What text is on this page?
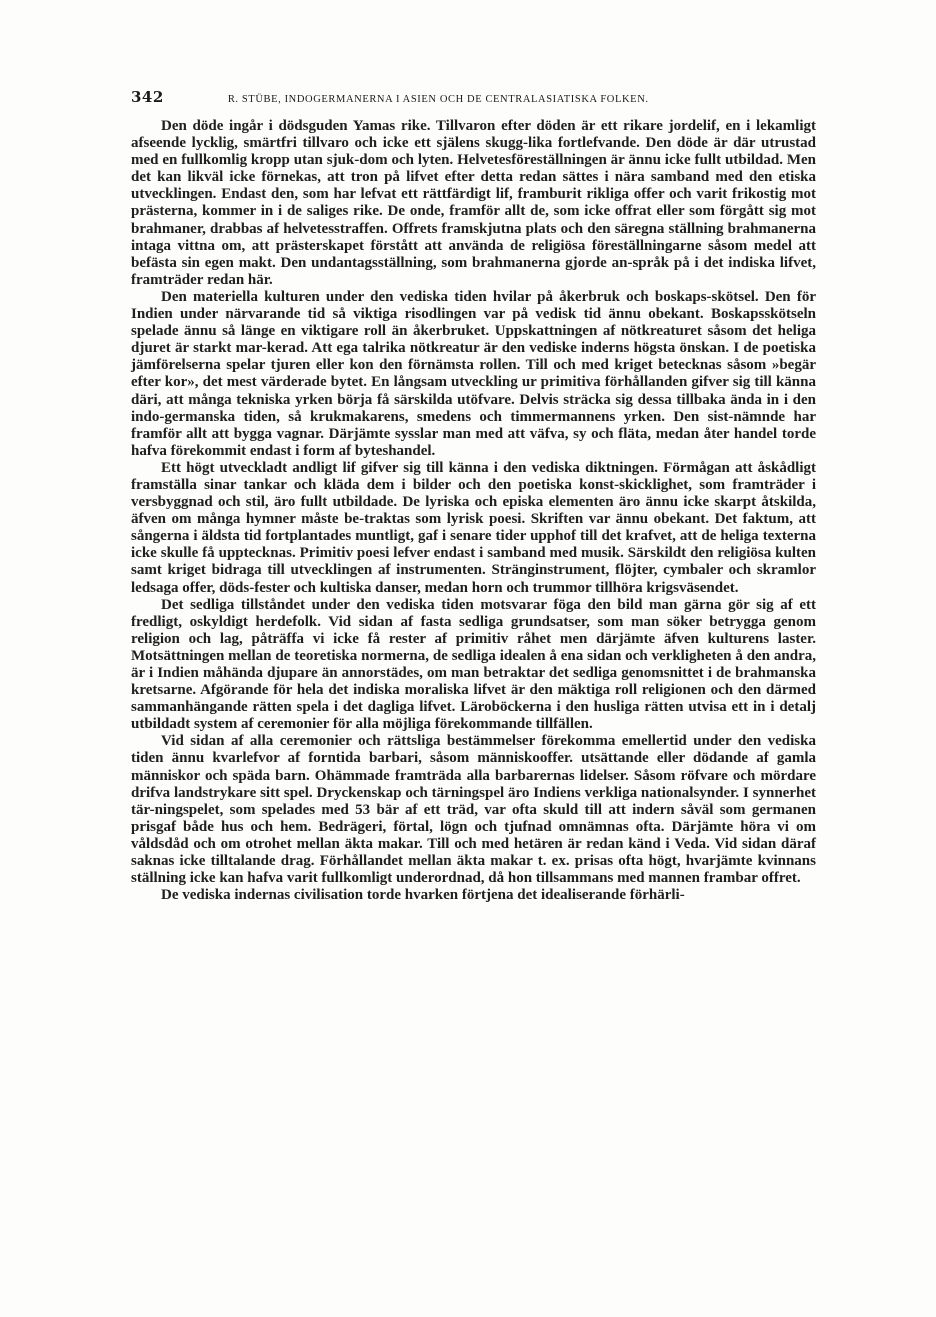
342	R. STÜBE, INDOGERMANERNA I ASIEN OCH DE CENTRALASIATISKA FOLKEN.

Den döde ingår i dödsguden Yamas rike. Tillvaron efter döden är ett rikare jordelif, en i lekamligt afseende lycklig, smärtfri tillvaro och icke ett själens skugg-lika fortlefvande. Den döde är där utrustad med en fullkomlig kropp utan sjuk-dom och lyten. Helvetesföreställningen är ännu icke fullt utbildad. Men det kan likväl icke förnekas, att tron på lifvet efter detta redan sättes i nära samband med den etiska utvecklingen. Endast den, som har lefvat ett rättfärdigt lif, framburit rikliga offer och varit frikostig mot prästerna, kommer in i de saliges rike. De onde, framför allt de, som icke offrat eller som förgått sig mot brahmaner, drabbas af helvetesstraffen. Offrets framskjutna plats och den säregna ställning brahmanerna intaga vittna om, att prästerskapet förstått att använda de religiösa föreställningarne såsom medel att befästa sin egen makt. Den undantagsställning, som brahmanerna gjorde an-språk på i det indiska lifvet, framträder redan här.

Den materiella kulturen under den vediska tiden hvilar på åkerbruk och boskaps-skötsel. Den för Indien under närvarande tid så viktiga risodlingen var på vedisk tid ännu obekant. Boskapsskötseln spelade ännu så länge en viktigare roll än åkerbruket. Uppskattningen af nötkreaturet såsom det heliga djuret är starkt mar-kerad. Att ega talrika nötkreatur är den vediske inderns högsta önskan. I de poetiska jämförelserna spelar tjuren eller kon den förnämsta rollen. Till och med kriget betecknas såsom »begär efter kor», det mest värderade bytet. En långsam utveckling ur primitiva förhållanden gifver sig till känna däri, att många tekniska yrken börja få särskilda utöfvare. Delvis sträcka sig dessa tillbaka ända in i den indo-germanska tiden, så krukmakarens, smedens och timmermannens yrken. Den sist-nämnde har framför allt att bygga vagnar. Därjämte sysslar man med att väfva, sy och fläta, medan åter handel torde hafva förekommit endast i form af byteshandel.

Ett högt utveckladt andligt lif gifver sig till känna i den vediska diktningen. Förmågan att åskådligt framställa sinar tankar och kläda dem i bilder och den poetiska konst-skicklighet, som framträder i versbyggnad och stil, äro fullt utbildade. De lyriska och episka elementen äro ännu icke skarpt åtskilda, äfven om många hymner måste be-traktas som lyrisk poesi. Skriften var ännu obekant. Det faktum, att sångerna i äldsta tid fortplantades muntligt, gaf i senare tider upphof till det krafvet, att de heliga texterna icke skulle få upptecknas. Primitiv poesi lefver endast i samband med musik. Särskildt den religiösa kulten samt kriget bidraga till utvecklingen af instrumenten. Stränginstrument, flöjter, cymbaler och skramlor ledsaga offer, döds-fester och kultiska danser, medan horn och trummor tillhöra krigsväsendet.

Det sedliga tillståndet under den vediska tiden motsvarar föga den bild man gärna gör sig af ett fredligt, oskyldigt herdefolk. Vid sidan af fasta sedliga grundsatser, som man söker betrygga genom religion och lag, påträffa vi icke få rester af primitiv råhet men därjämte äfven kulturens laster. Motsättningen mellan de teoretiska normerna, de sedliga idealen å ena sidan och verkligheten å den andra, är i Indien måhända djupare än annorstädes, om man betraktar det sedliga genomsnittet i de brahmanska kretsarne. Afgörande för hela det indiska moraliska lifvet är den mäktiga roll religionen och den därmed sammanhängande rätten spela i det dagliga lifvet. Läroböckerna i den husliga rätten utvisa ett in i detalj utbildadt system af ceremonier för alla möjliga förekommande tillfällen.

Vid sidan af alla ceremonier och rättsliga bestämmelser förekomma emellertid under den vediska tiden ännu kvarlefvor af forntida barbari, såsom människooffer. utsättande eller dödande af gamla människor och späda barn. Ohämmade framträda alla barbarernas lidelser. Såsom röfvare och mördare drifva landstrykare sitt spel. Dryckenskap och tärningspel äro Indiens verkliga nationalsynder. I synnerhet tär-ningspelet, som spelades med 53 bär af ett träd, var ofta skuld till att indern såväl som germanen prisgaf både hus och hem. Bedrägeri, förtal, lögn och tjufnad omnämnas ofta. Därjämte höra vi om våldsdåd och om otrohet mellan äkta makar. Till och med hetären är redan känd i Veda. Vid sidan däraf saknas icke tilltalande drag. Förhållandet mellan äkta makar t. ex. prisas ofta högt, hvarjämte kvinnans ställning icke kan hafva varit fullkomligt underordnad, då hon tillsammans med mannen frambar offret.

De vediska indernas civilisation torde hvarken förtjena det idealiserande förhärli-
